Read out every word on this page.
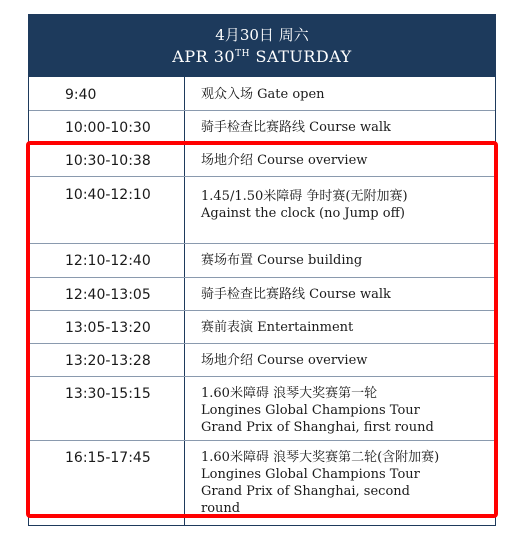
4月30日 周六
APR 30TH SATURDAY
9:40	观众入场 Gate open
10:00-10:30	骑手检查比赛路线 Course walk
10:30-10:38	场地介绍 Course overview
10:40-12:10	1.45/1.50米障碍 争时赛(无附加赛)
Against the clock (no Jump off)
12:10-12:40	赛场布置 Course building
12:40-13:05	骑手检查比赛路线 Course walk
13:05-13:20	赛前表演 Entertainment
13:20-13:28	场地介绍 Course overview
13:30-15:15	1.60米障碍 浪琴大奖赛第一轮
Longines Global Champions Tour
Grand Prix of Shanghai, first round
16:15-17:45	1.60米障碍 浪琴大奖赛第二轮(含附加赛)
Longines Global Champions Tour
Grand Prix of Shanghai, second
round
